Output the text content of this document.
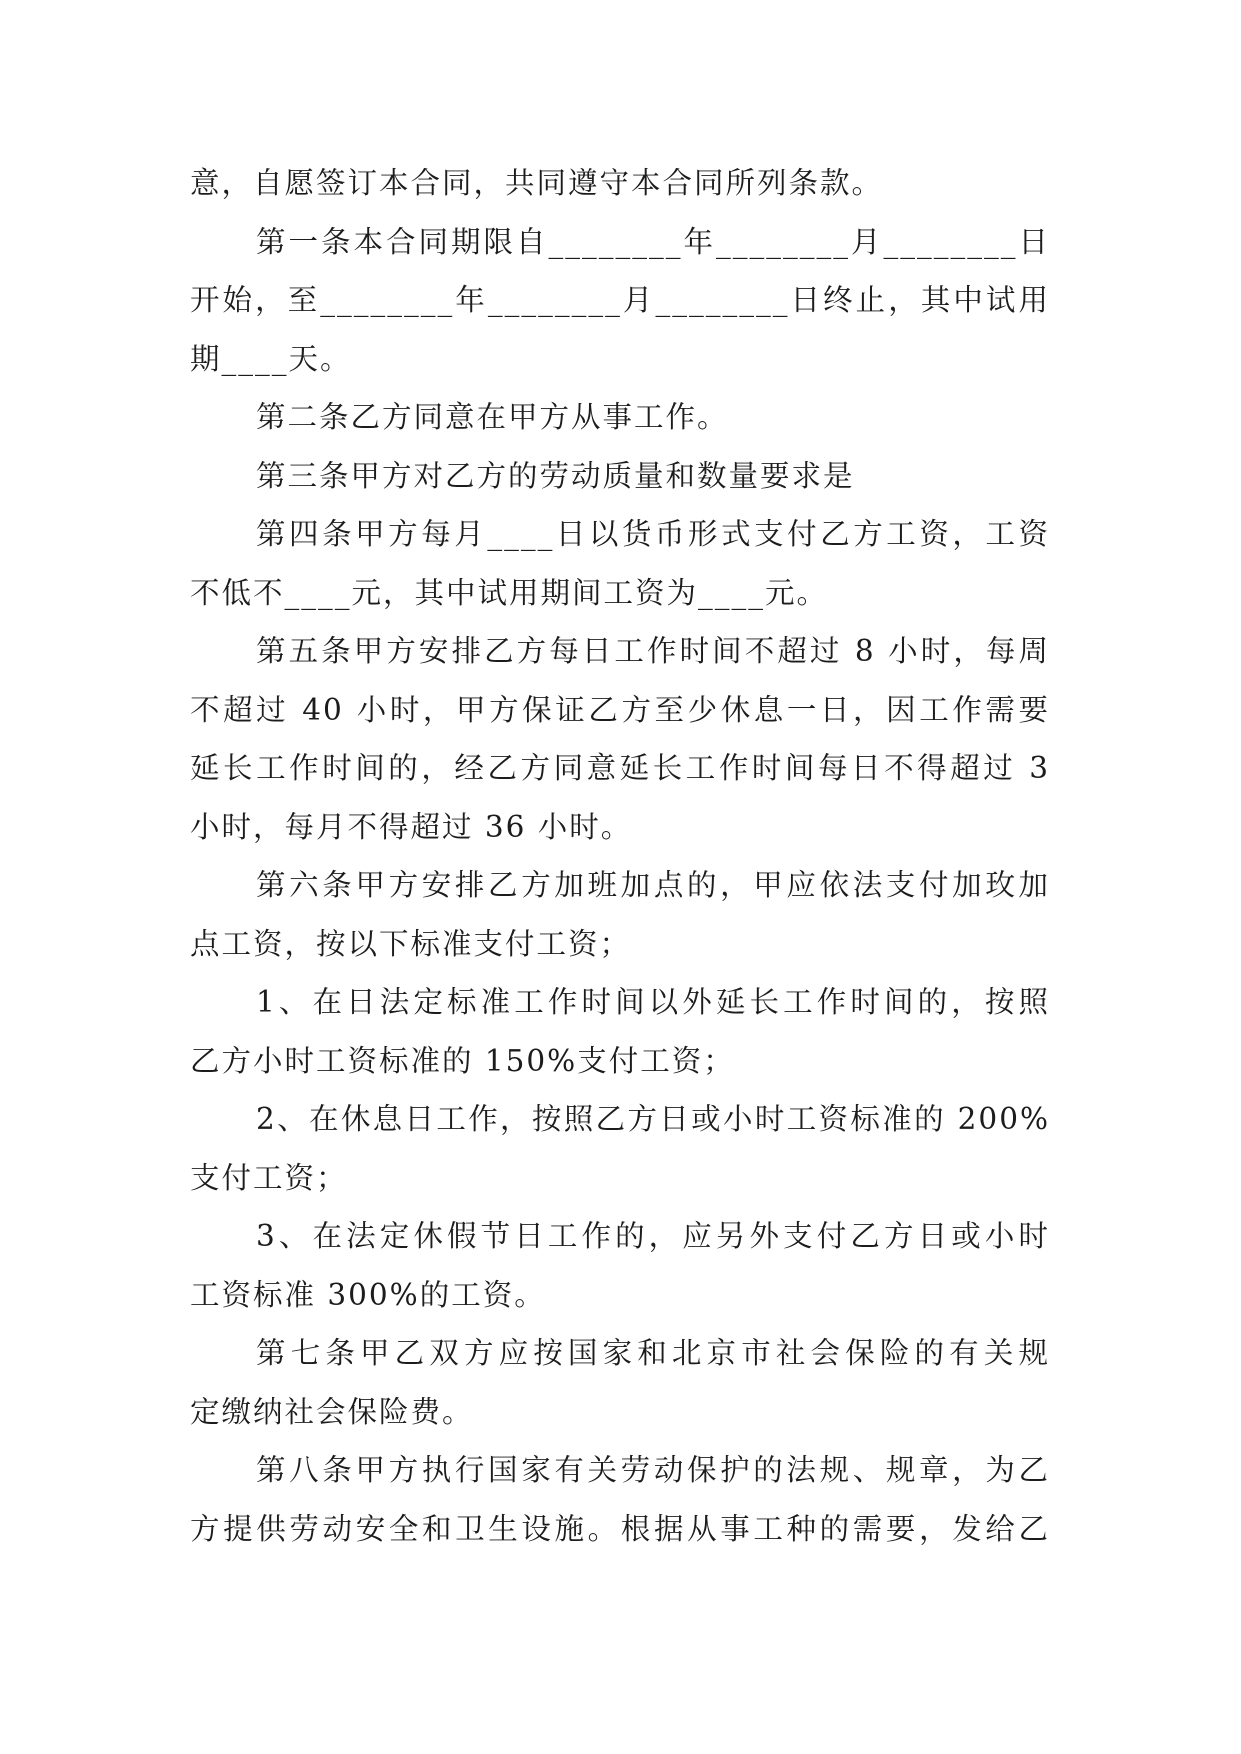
意，自愿签订本合同，共同遵守本合同所列条款。
第一条本合同期限自________年________月________日
开始，至________年________月________日终止，其中试用
期____天。
第二条乙方同意在甲方从事工作。
第三条甲方对乙方的劳动质量和数量要求是
第四条甲方每月____日以货币形式支付乙方工资，工资
不低不____元，其中试用期间工资为____元。
第五条甲方安排乙方每日工作时间不超过 8 小时，每周
不超过 40 小时，甲方保证乙方至少休息一日，因工作需要
延长工作时间的，经乙方同意延长工作时间每日不得超过 3
小时，每月不得超过 36 小时。
第六条甲方安排乙方加班加点的，甲应依法支付加玫加
点工资，按以下标准支付工资；
1、在日法定标准工作时间以外延长工作时间的，按照
乙方小时工资标准的 150%支付工资；
2、在休息日工作，按照乙方日或小时工资标准的 200%
支付工资；
3、在法定休假节日工作的，应另外支付乙方日或小时
工资标准 300%的工资。
第七条甲乙双方应按国家和北京市社会保险的有关规
定缴纳社会保险费。
第八条甲方执行国家有关劳动保护的法规、规章，为乙
方提供劳动安全和卫生设施。根据从事工种的需要，发给乙
